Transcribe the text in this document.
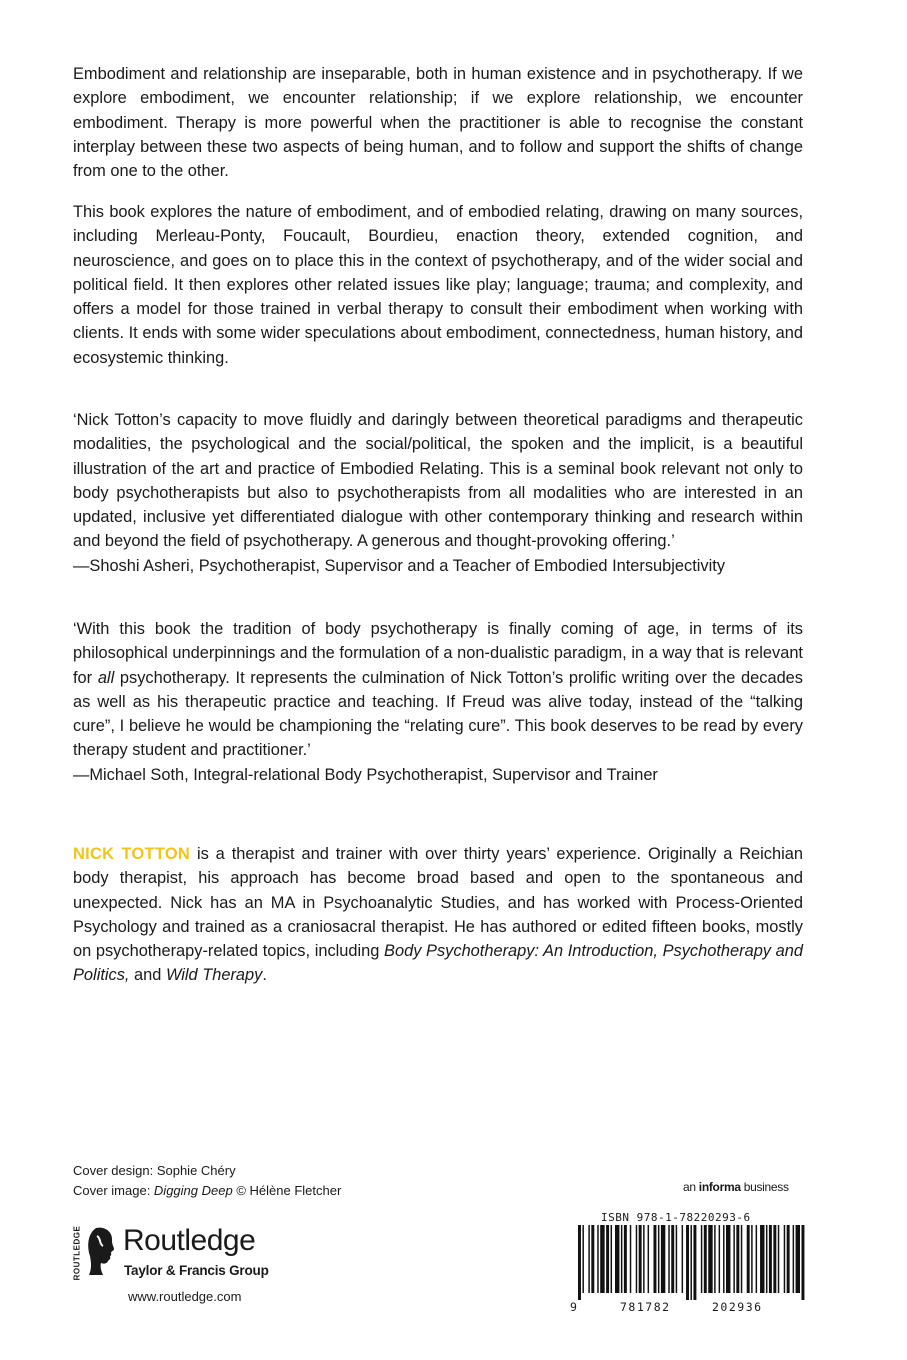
Embodiment and relationship are inseparable, both in human existence and in psychotherapy. If we explore embodiment, we encounter relationship; if we explore relationship, we encounter embodiment. Therapy is more powerful when the practitioner is able to recognise the constant interplay between these two aspects of being human, and to follow and support the shifts of change from one to the other.

This book explores the nature of embodiment, and of embodied relating, drawing on many sources, including Merleau-Ponty, Foucault, Bourdieu, enaction theory, extended cognition, and neuroscience, and goes on to place this in the context of psychotherapy, and of the wider social and political field. It then explores other related issues like play; language; trauma; and complexity, and offers a model for those trained in verbal therapy to consult their embodiment when working with clients. It ends with some wider speculations about embodiment, connectedness, human history, and ecosystemic thinking.

‘Nick Totton’s capacity to move fluidly and daringly between theoretical paradigms and therapeutic modalities, the psychological and the social/political, the spoken and the implicit, is a beautiful illustration of the art and practice of Embodied Relating. This is a seminal book relevant not only to body psychotherapists but also to psychotherapists from all modalities who are interested in an updated, inclusive yet differentiated dialogue with other contemporary thinking and research within and beyond the field of psychotherapy. A generous and thought-provoking offering.’

—Shoshi Asheri, Psychotherapist, Supervisor and a Teacher of Embodied Intersubjectivity

‘With this book the tradition of body psychotherapy is finally coming of age, in terms of its philosophical underpinnings and the formulation of a non-dualistic paradigm, in a way that is relevant for all psychotherapy. It represents the culmination of Nick Totton’s prolific writing over the decades as well as his therapeutic practice and teaching. If Freud was alive today, instead of the “talking cure”, I believe he would be championing the “relating cure”. This book deserves to be read by every therapy student and practitioner.’

—Michael Soth, Integral-relational Body Psychotherapist, Supervisor and Trainer

NICK TOTTON is a therapist and trainer with over thirty years’ experience. Originally a Reichian body therapist, his approach has become broad based and open to the spontaneous and unexpected. Nick has an MA in Psychoanalytic Studies, and has worked with Process-Oriented Psychology and trained as a craniosacral therapist. He has authored or edited fifteen books, mostly on psychotherapy-related topics, including Body Psychotherapy: An Introduction, Psychotherapy and Politics, and Wild Therapy.

Cover design: Sophie Chéry
Cover image: Digging Deep © Hélène Fletcher	an informa business
ROUTLEDGE Routledge
Taylor & Francis Group
www.routledge.com
ISBN 978-1-78220293-6
9	781782	202936
